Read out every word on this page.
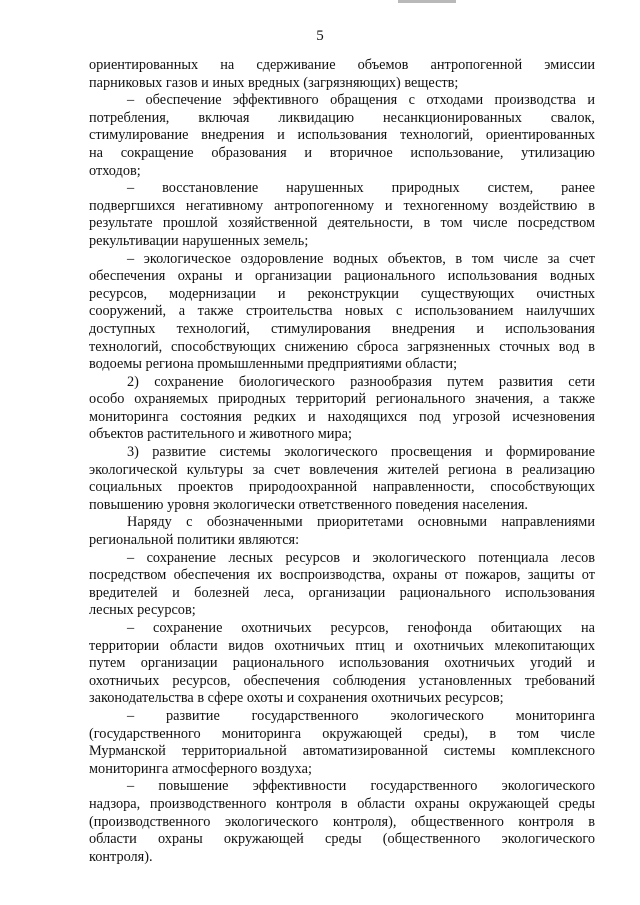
5

ориентированных на сдерживание объемов антропогенной эмиссии

парниковых газов и иных вредных (загрязняющих) веществ;

– обеспечение эффективного обращения с отходами производства и

потребления, включая ликвидацию несанкционированных свалок,

стимулирование внедрения и использования технологий, ориентированных

на сокращение образования и вторичное использование, утилизацию

отходов;

– восстановление нарушенных природных систем, ранее

подвергшихся негативному антропогенному и техногенному воздействию в

результате прошлой хозяйственной деятельности, в том числе посредством

рекультивации нарушенных земель;

– экологическое оздоровление водных объектов, в том числе за счет

обеспечения охраны и организации рационального использования водных

ресурсов, модернизации и реконструкции существующих очистных

сооружений, а также строительства новых с использованием наилучших

доступных технологий, стимулирования внедрения и использования

технологий, способствующих снижению сброса загрязненных сточных вод в

водоемы региона промышленными предприятиями области;

2) сохранение биологического разнообразия путем развития сети

особо охраняемых природных территорий регионального значения, а также

мониторинга состояния редких и находящихся под угрозой исчезновения

объектов растительного и животного мира;

3) развитие системы экологического просвещения и формирование

экологической культуры за счет вовлечения жителей региона в реализацию

социальных проектов природоохранной направленности, способствующих

повышению уровня экологически ответственного поведения населения.

Наряду с обозначенными приоритетами основными направлениями

региональной политики являются:

– сохранение лесных ресурсов и экологического потенциала лесов

посредством обеспечения их воспроизводства, охраны от пожаров, защиты от

вредителей и болезней леса, организации рационального использования

лесных ресурсов;

– сохранение охотничьих ресурсов, генофонда обитающих на

территории области видов охотничьих птиц и охотничьих млекопитающих

путем организации рационального использования охотничьих угодий и

охотничьих ресурсов, обеспечения соблюдения установленных требований

законодательства в сфере охоты и сохранения охотничьих ресурсов;

– развитие государственного экологического мониторинга

(государственного мониторинга окружающей среды), в том числе

Мурманской территориальной автоматизированной системы комплексного

мониторинга атмосферного воздуха;

– повышение эффективности государственного экологического

надзора, производственного контроля в области охраны окружающей среды

(производственного экологического контроля), общественного контроля в

области охраны окружающей среды (общественного экологического

контроля).
